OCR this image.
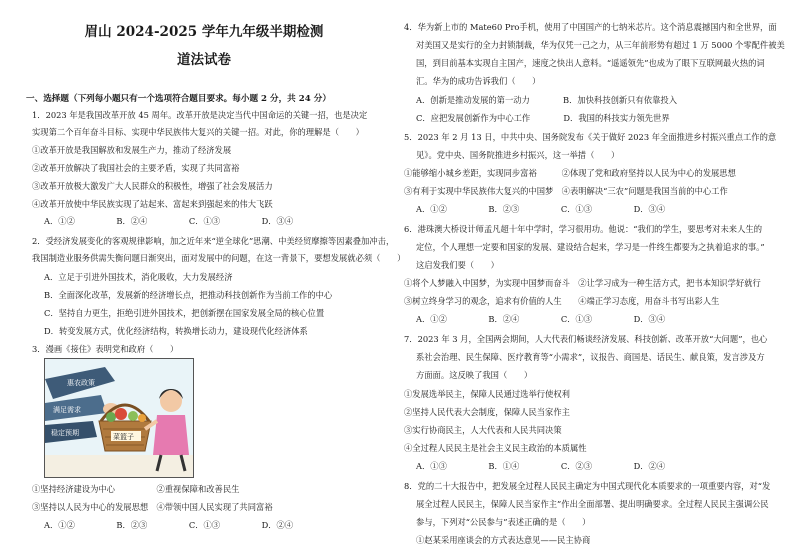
眉山 2024-2025 学年九年级半期检测
道法试卷
一、选择题（下列每小题只有一个选项符合题目要求。每小题 2 分，共 24 分）
1．2023 年是我国改革开放 45 周年。改革开放是决定当代中国命运的关键一招，也是决定
实现第二个百年奋斗目标、实现中华民族伟大复兴的关键一招。对此，你的理解是（　　）
①改革开放是我国解放和发展生产力，推动了经济发展
②改革开放解决了我国社会的主要矛盾，实现了共同富裕
③改革开放极大激发广大人民群众的积极性，增强了社会发展活力
④改革开放使中华民族实现了站起来、富起来到强起来的伟大飞跃
A．①②　　　　　B．②④　　　　　C．①③　　　　　D．③④
2．受经济发展变化的客观规律影响，加之近年来“逆全球化”思潮、中美经贸摩擦等因素叠加冲击，
我国制造业服务供需失衡问题日渐突出，面对发展中的问题，在这一背景下，要想发展就必须（　　）
A．立足于引进外国技术，消化吸收，大力发展经济
B．全面深化改革，发展新的经济增长点，把推动科技创新作为当前工作的中心
C．坚持自力更生，拒绝引进外国技术，把创新摆在国家发展全局的核心位置
D．转变发展方式，优化经济结构，转换增长动力，建设现代化经济体系
3．漫画《接住》表明党和政府（　　）
惠农政策
满足需求
稳定预期	菜篮子
①坚持经济建设为中心　　　　　②重视保障和改善民生
③坚持以人民为中心的发展思想　④带领中国人民实现了共同富裕
A．①②　　　　　B．②③　　　　　C．①③　　　　　D．②④
4．华为新上市的 Mate60 Pro手机，使用了中国国产的七纳米芯片。这个消息震撼国内和全世界，面
对美国又是实行的全力封锁制裁，华为仅凭一己之力，从三年前形势有超过 1 万 5000 个零配件被美
国，到目前基本实现自主国产，速度之快出人意料。“遥遥领先”也成为了眼下互联网最火热的词
汇。华为的成功告诉我们（　　）
A．创新是推动发展的第一动力　　　　B．加快科技创新只有依靠投入
C．应把发展创新作为中心工作　　　　D．我国的科技实力领先世界
5．2023 年 2 月 13 日，中共中央、国务院发布《关于做好 2023 年全面推进乡村振兴重点工作的意
见》。党中央、国务院推进乡村振兴，这一举措（　　）
①能够缩小城乡差距，实现同步富裕　　　②体现了党和政府坚持以人民为中心的发展思想
③有利于实现中华民族伟大复兴的中国梦　④表明解决“三农”问题是我国当前的中心工作
A．①②　　　　　B．②③　　　　　C．①③　　　　　D．③④
6．港珠澳大桥设计师孟凡超十年中学时，学习很用功。他说：“我们的学生，要思考对未来人生的
定位，个人理想一定要和国家的发展、建设结合起来，学习是一件终生都要为之执着追求的事。”
这启发我们要（　　）
①将个人梦融入中国梦，为实现中国梦而奋斗　②让学习成为一种生活方式，把书本知识学好就行
③树立终身学习的观念，追求有价值的人生　　④端正学习态度，用奋斗书写出彩人生
A．①②　　　　　B．②④　　　　　C．①③　　　　　D．③④
7．2023 年 3 月，全国两会期间，人大代表们畅谈经济发展、科技创新、改革开放“大问题”，也心
系社会治理、民生保障、医疗教育等“小需求”，议报告、商国是、话民生、献良策，发言涉及方
方面面。这反映了我国（　　）
①发展选举民主，保障人民通过选举行使权利
②坚持人民代表大会制度，保障人民当家作主
③实行协商民主，人大代表和人民共同决策
④全过程人民民主是社会主义民主政治的本质属性
A．①③　　　　　B．①④　　　　　C．②③　　　　　D．②④
8．党的二十大报告中，把发展全过程人民民主确定为中国式现代化本质要求的一项重要内容，对“发
展全过程人民民主，保障人民当家作主”作出全面部署、提出明确要求。全过程人民民主强调公民
参与，下列对“公民参与”表述正确的是（　　）
①赵某采用座谈会的方式表达意见——民主协商
